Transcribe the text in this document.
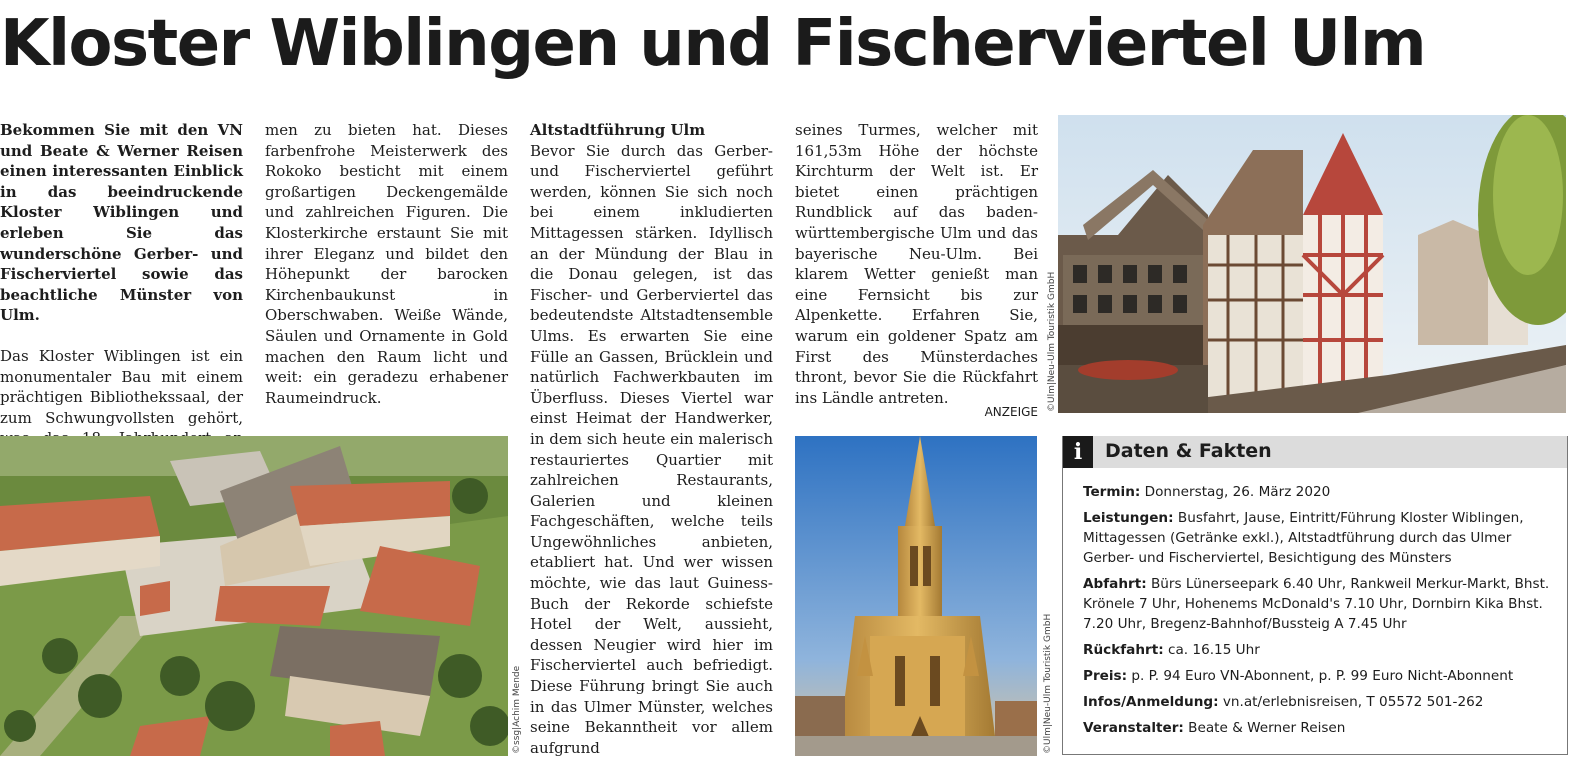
Kloster Wiblingen und Fischerviertel Ulm

Bekommen Sie mit den VN und Beate & Werner Reisen einen interessanten Einblick in das beeindruckende Kloster Wiblingen und erleben Sie das wunderschöne Gerber- und Fischerviertel sowie das beachtliche Münster von Ulm.

Das Kloster Wiblingen ist ein monumentaler Bau mit einem prächtigen Bibliothekssaal, der zum Schwungvollsten gehört,

men zu bieten hat. Dieses farbenfrohe Meisterwerk des Rokoko besticht mit einem großartigen Deckengemälde und zahlreichen Figuren. Die Klosterkirche erstaunt Sie mit ihrer Eleganz und bildet den Höhepunkt der barocken Kirchenbaukunst in Oberschwaben. Weiße Wände, Säulen und Ornamente in Gold machen den Raum licht und weit: ein geradezu erhabener Raumeindruck.

Altstadtführung Ulm

Bevor Sie durch das Gerber- und Fischerviertel geführt werden, können Sie sich noch bei einem inkludierten Mittagessen stärken. Idyllisch an der Mündung der Blau in die Donau gelegen, ist das Fischer- und Gerberviertel das bedeutendste Altstadtensemble Ulms. Es erwarten Sie eine Fülle an Gassen, Brücklein und natürlich Fachwerkbauten im Überfluss. Dieses Viertel war einst Heimat der Handwerker, in dem sich heute ein malerisch restauriertes Quartier mit zahlreichen Restaurants, Galerien und kleinen Fachgeschäften, welche teils Ungewöhnliches anbieten, etabliert hat. Und wer wissen möchte, wie das laut Guiness-Buch der Rekorde schiefste Hotel der Welt, aussieht, dessen Neugier wird hier im Fischerviertel auch befriedigt. Diese Führung bringt Sie auch in das Ulmer Münster, welches seine Bekanntheit vor allem aufgrund

seines Turmes, welcher mit 161,53m Höhe der höchste Kirchturm der Welt ist. Er bietet einen prächtigen Rundblick auf das baden-württembergische Ulm und das bayerische Neu-Ulm. Bei klarem Wetter genießt man eine Fernsicht bis zur Alpenkette. Erfahren Sie, warum ein goldener Spatz am First des Münsterdaches thront, bevor Sie die Rückfahrt ins Ländle antreten.

ANZEIGE ©Ulm|Neu-Ulm Touristik GmbH
©ssg|Achim Mende	©Ulm|Neu-Ulm Touristik GmbH
i	Daten & Fakten

Termin: Donnerstag, 26. März 2020

Leistungen: Busfahrt, Jause, Eintritt/Führung Kloster Wiblingen, Mittagessen (Getränke exkl.), Altstadtführung durch das Ulmer Gerber- und Fischerviertel, Besichtigung des Münsters

Abfahrt: Bürs Lünerseepark 6.40 Uhr, Rankweil Merkur-Markt, Bhst. Krönele 7 Uhr, Hohenems McDonald's 7.10 Uhr, Dornbirn Kika Bhst. 7.20 Uhr, Bregenz-Bahnhof/Bussteig A 7.45 Uhr

Rückfahrt: ca. 16.15 Uhr

Preis: p. P. 94 Euro VN-Abonnent, p. P. 99 Euro Nicht-Abonnent

Infos/Anmeldung: vn.at/erlebnisreisen, T 05572 501-262

Veranstalter: Beate & Werner Reisen
